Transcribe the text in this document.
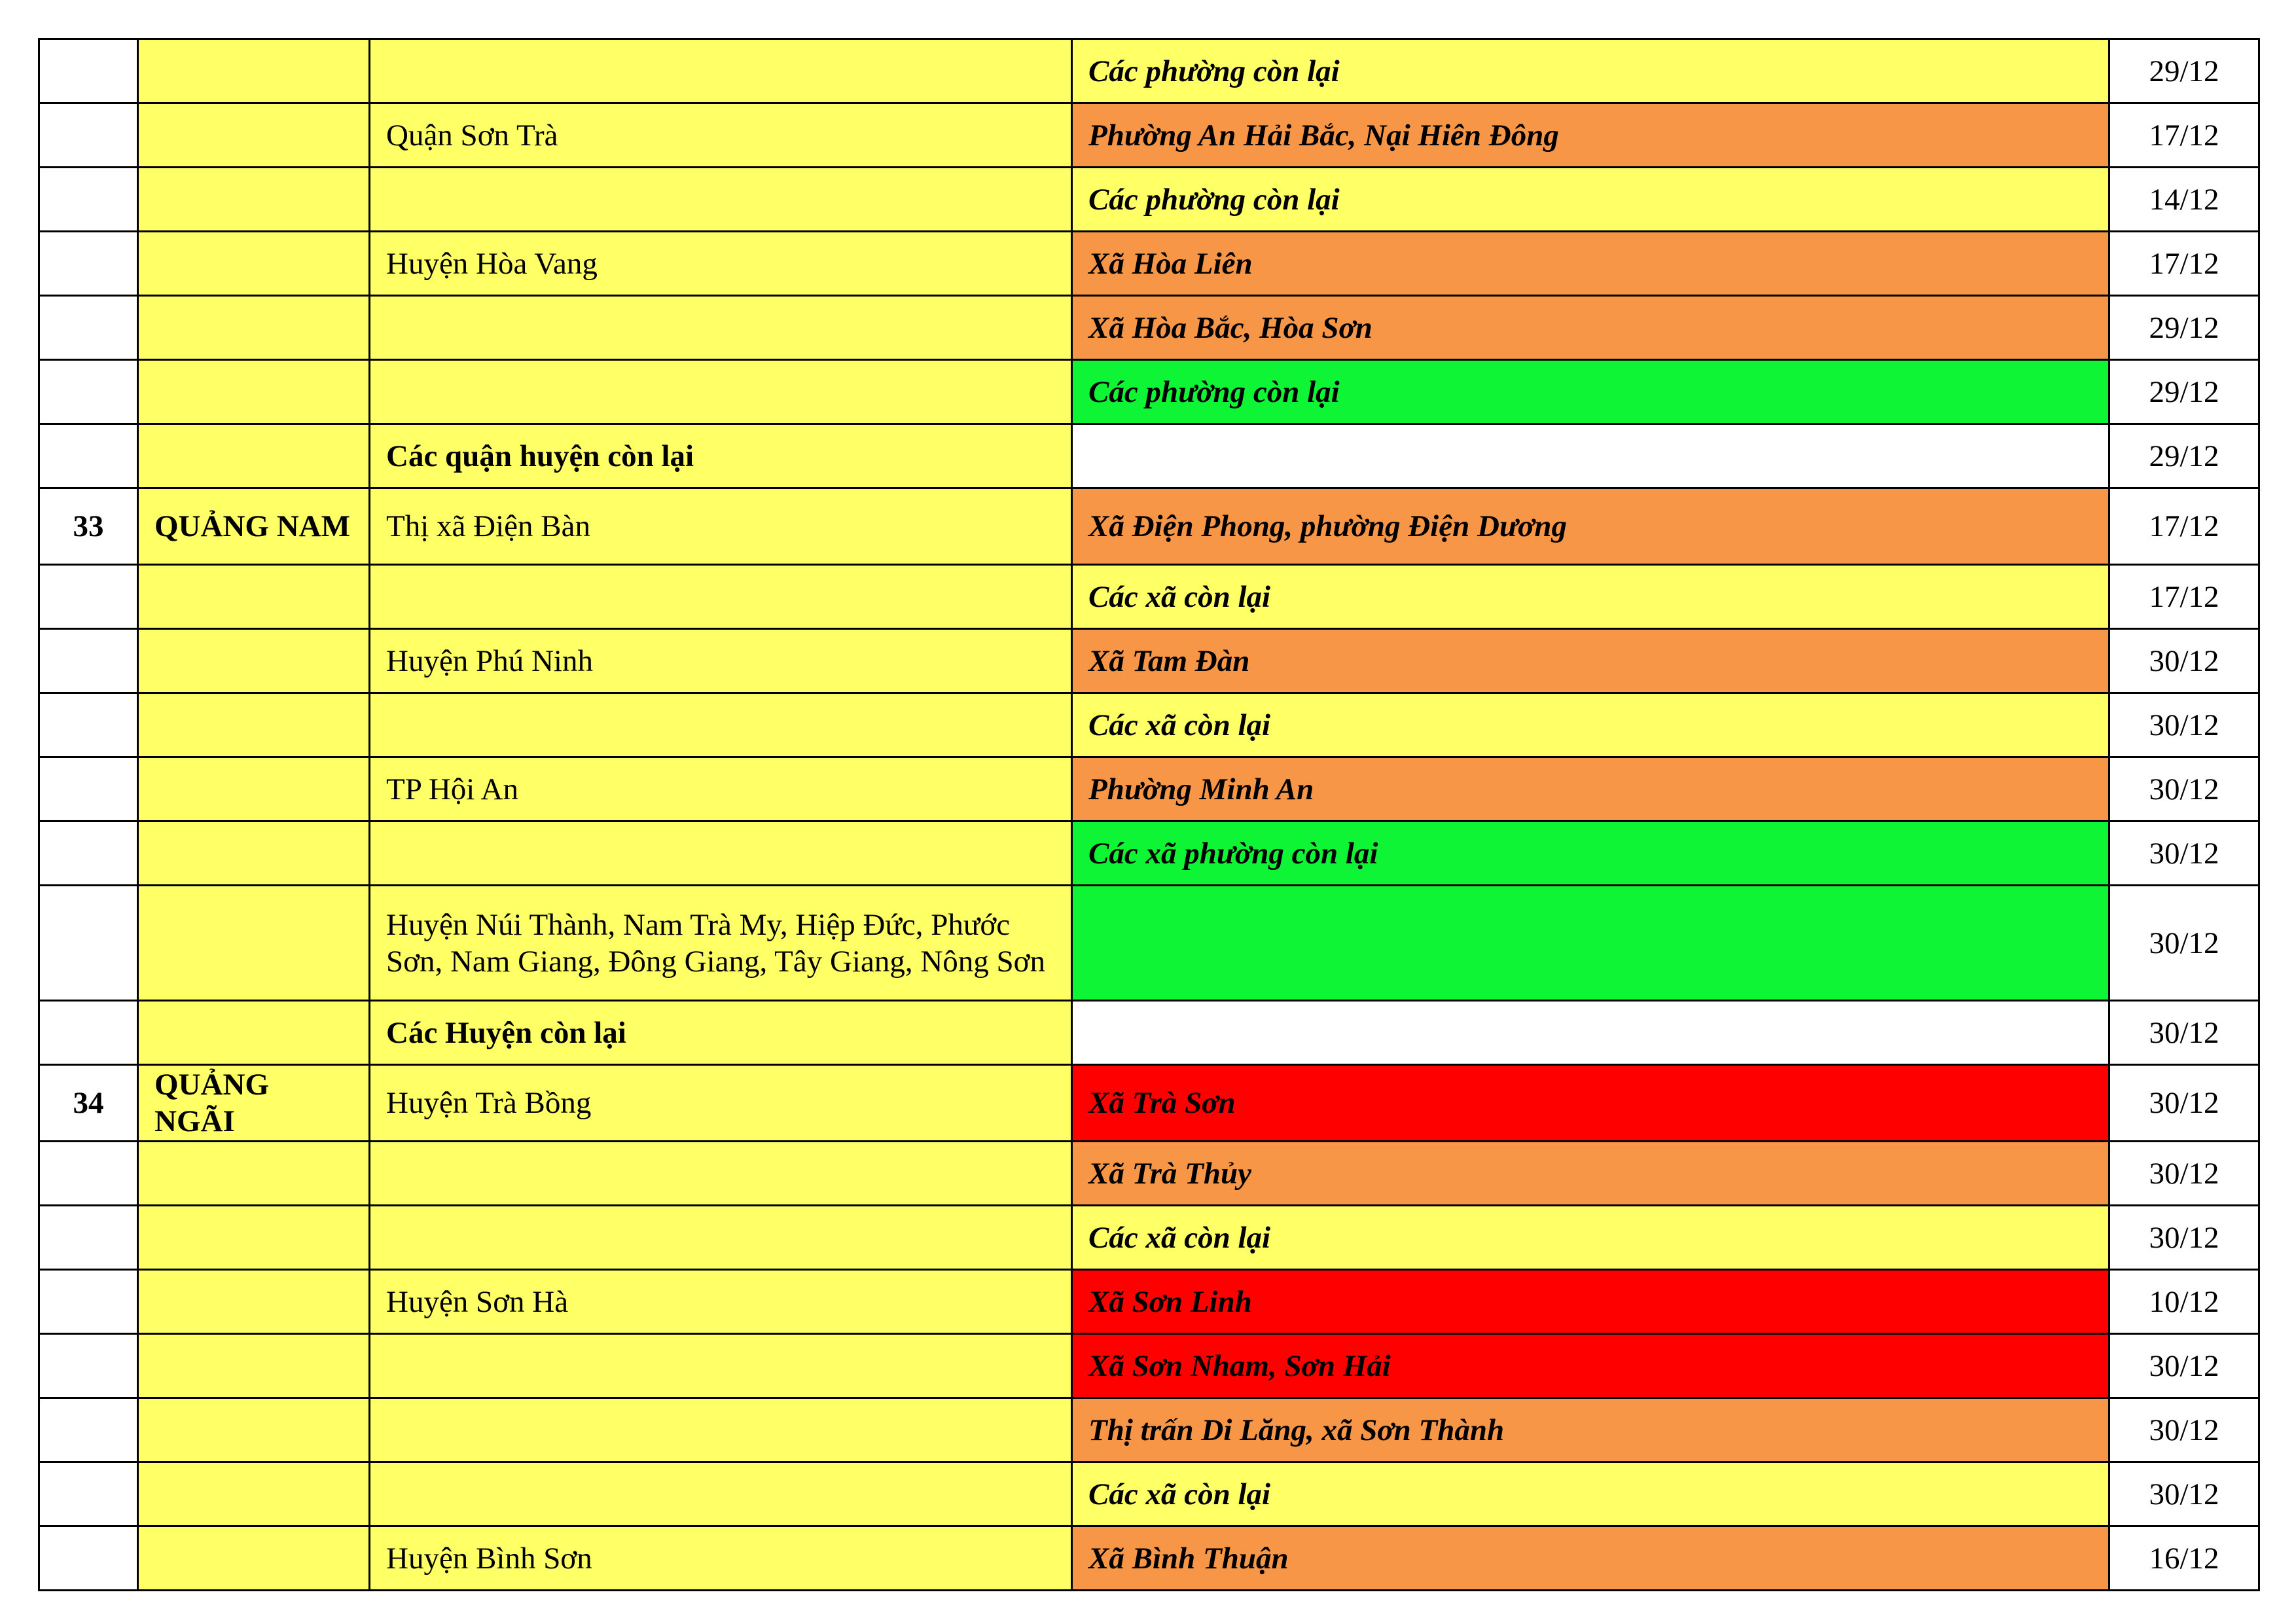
			Các phường còn lại	29/12
		Quận Sơn Trà	Phường An Hải Bắc, Nại Hiên Đông	17/12
			Các phường còn lại	14/12
		Huyện Hòa Vang	Xã Hòa Liên	17/12
			Xã Hòa Bắc, Hòa Sơn	29/12
			Các phường còn lại	29/12
		Các quận huyện còn lại		29/12
33	QUẢNG NAM	Thị xã Điện Bàn	Xã Điện Phong, phường Điện Dương	17/12
			Các xã còn lại	17/12
		Huyện Phú Ninh	Xã Tam Đàn	30/12
			Các xã còn lại	30/12
		TP Hội An	Phường Minh An	30/12
			Các xã phường còn lại	30/12
		Huyện Núi Thành, Nam Trà My, Hiệp Đức, Phước Sơn, Nam Giang, Đông Giang, Tây Giang, Nông Sơn		30/12
		Các Huyện còn lại		30/12
34	QUẢNG NGÃI	Huyện Trà Bồng	Xã Trà Sơn	30/12
			Xã Trà Thủy	30/12
			Các xã còn lại	30/12
		Huyện Sơn Hà	Xã Sơn Linh	10/12
			Xã Sơn Nham, Sơn Hải	30/12
			Thị trấn Di Lăng, xã Sơn Thành	30/12
			Các xã còn lại	30/12
		Huyện Bình Sơn	Xã Bình Thuận	16/12
